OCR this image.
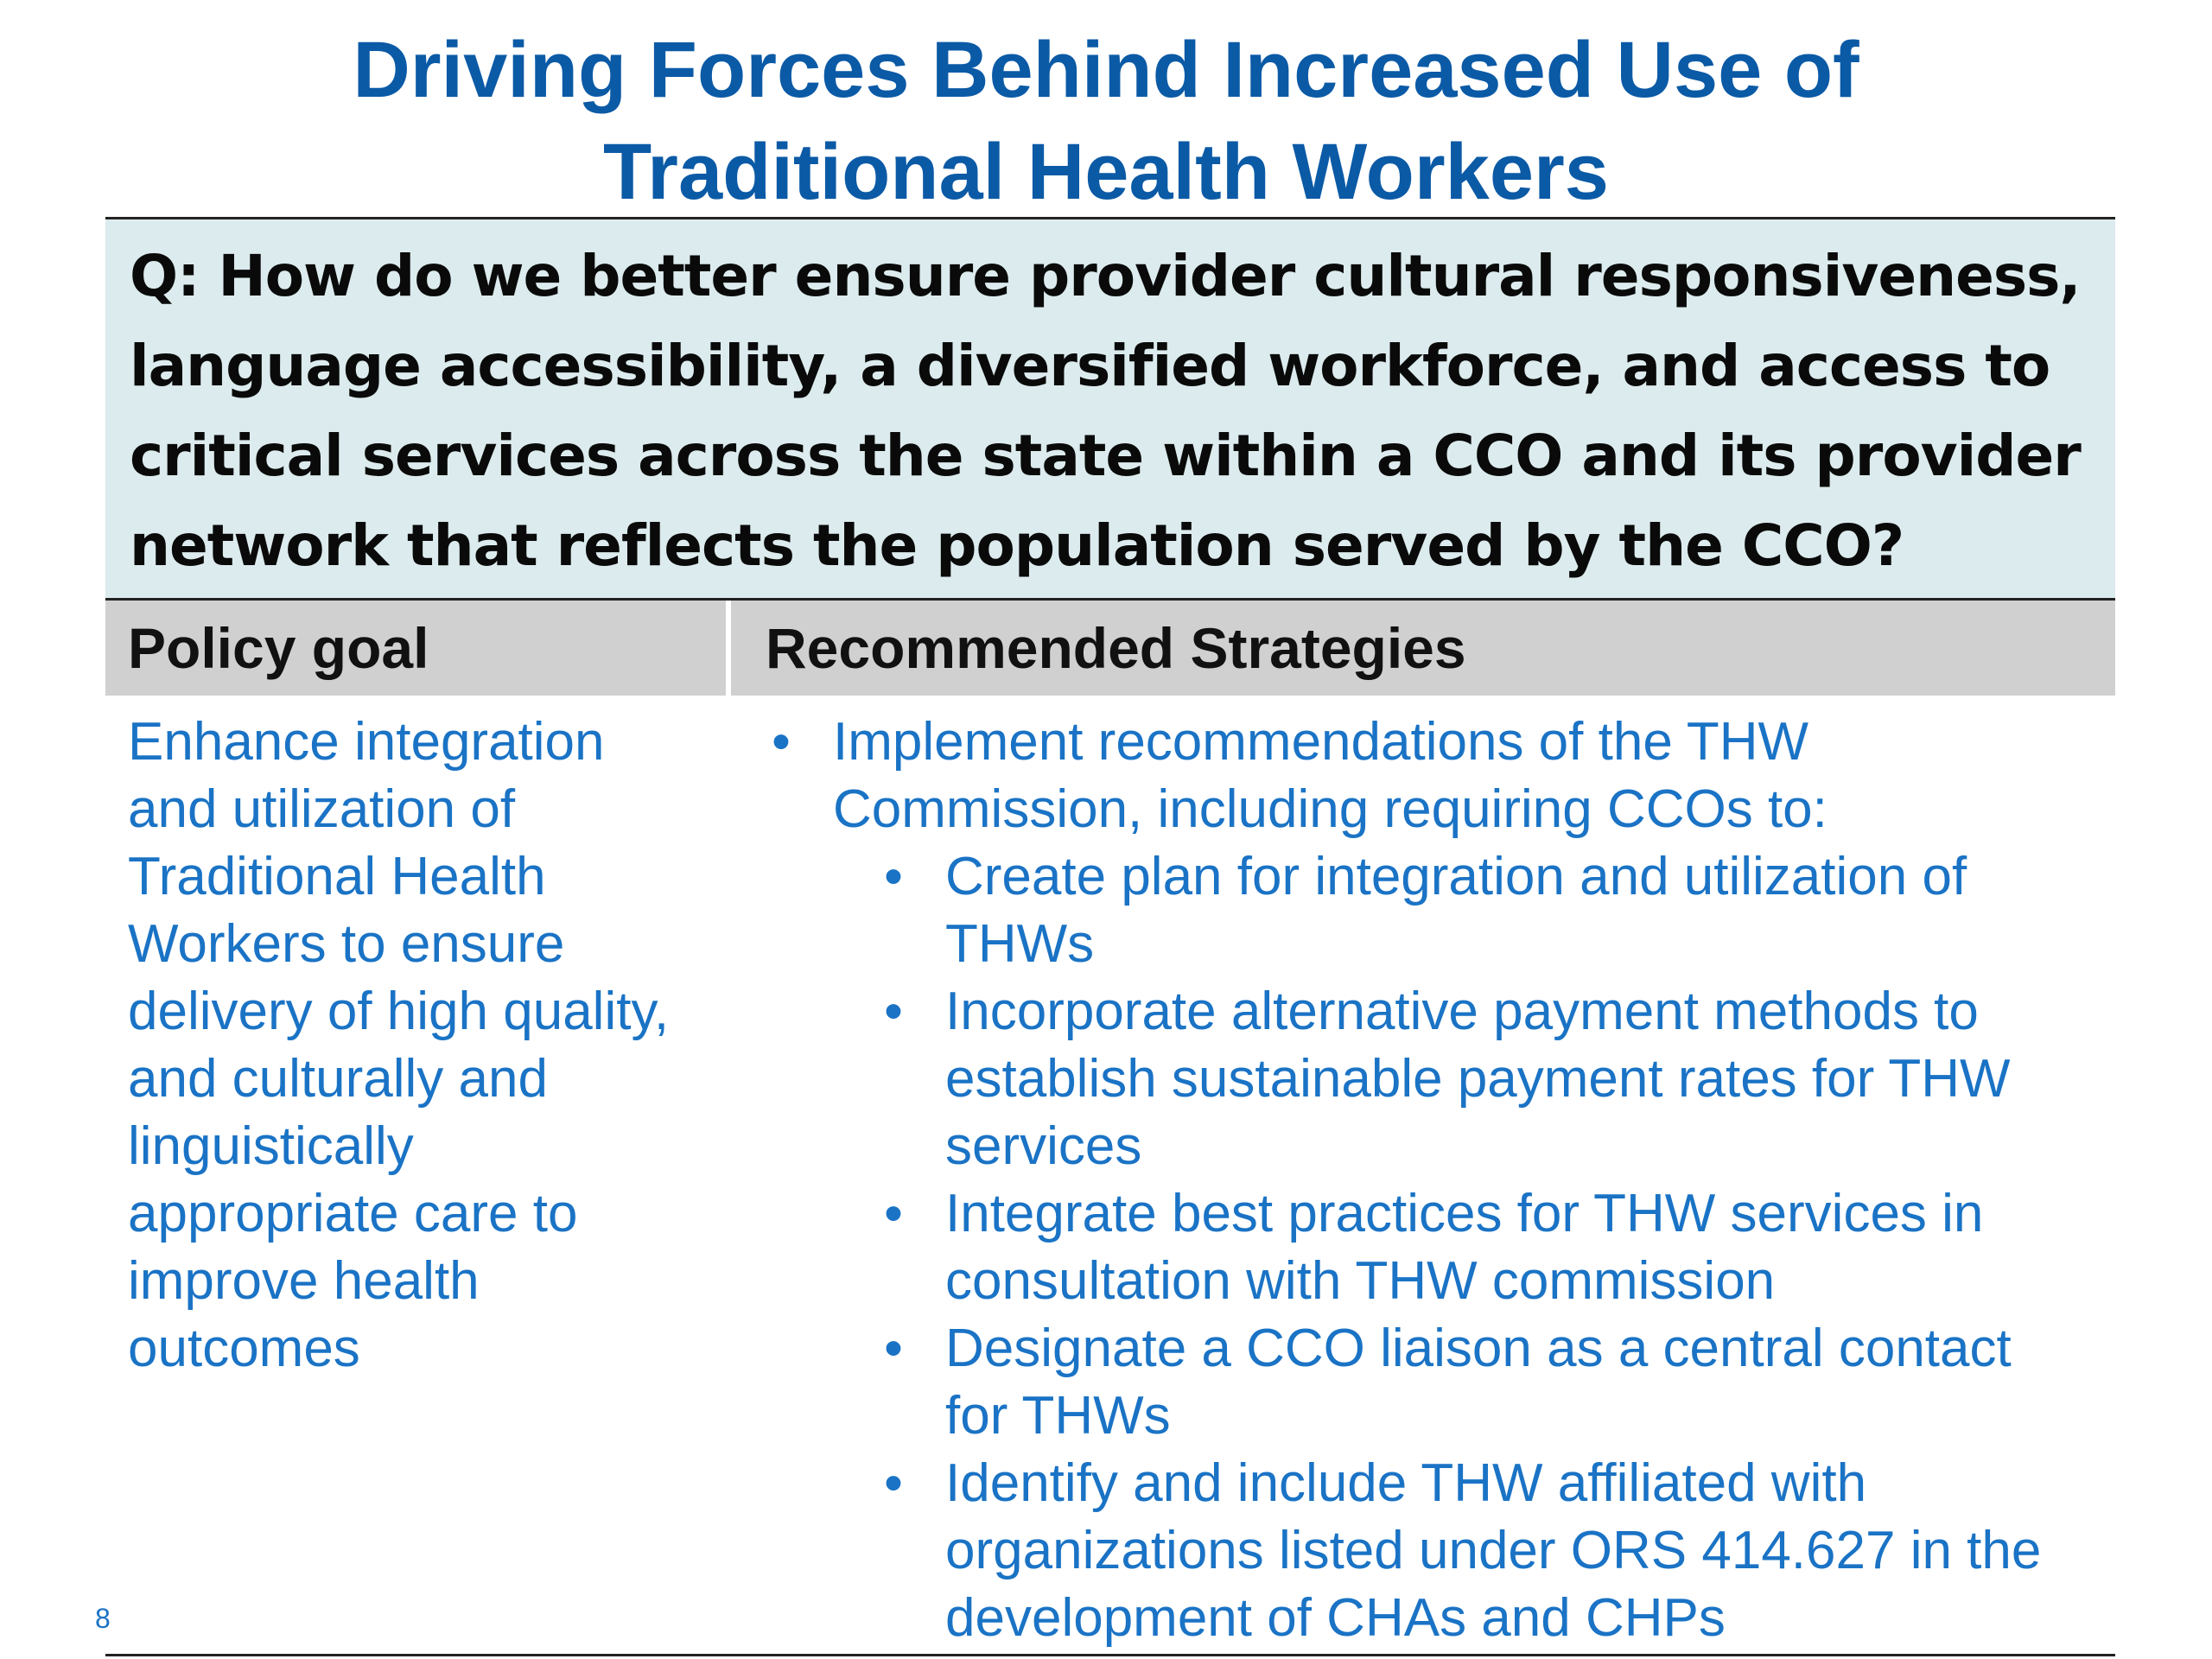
Driving Forces Behind Increased Use of
Traditional Health Workers

Q: How do we better ensure provider cultural responsiveness,
language accessibility, a diversified workforce, and access to
critical services across the state within a CCO and its provider
network that reflects the population served by the CCO?

Policy goal	Recommended Strategies

Enhance integration
and utilization of
Traditional Health
Workers to ensure
delivery of high quality,
and culturally and
linguistically
appropriate care to
improve health
outcomes

• Implement recommendations of the THW
Commission, including requiring CCOs to:
• Create plan for integration and utilization of
THWs
• Incorporate alternative payment methods to
establish sustainable payment rates for THW
services
• Integrate best practices for THW services in
consultation with THW commission
• Designate a CCO liaison as a central contact
for THWs
• Identify and include THW affiliated with
organizations listed under ORS 414.627 in the
development of CHAs and CHPs
8
